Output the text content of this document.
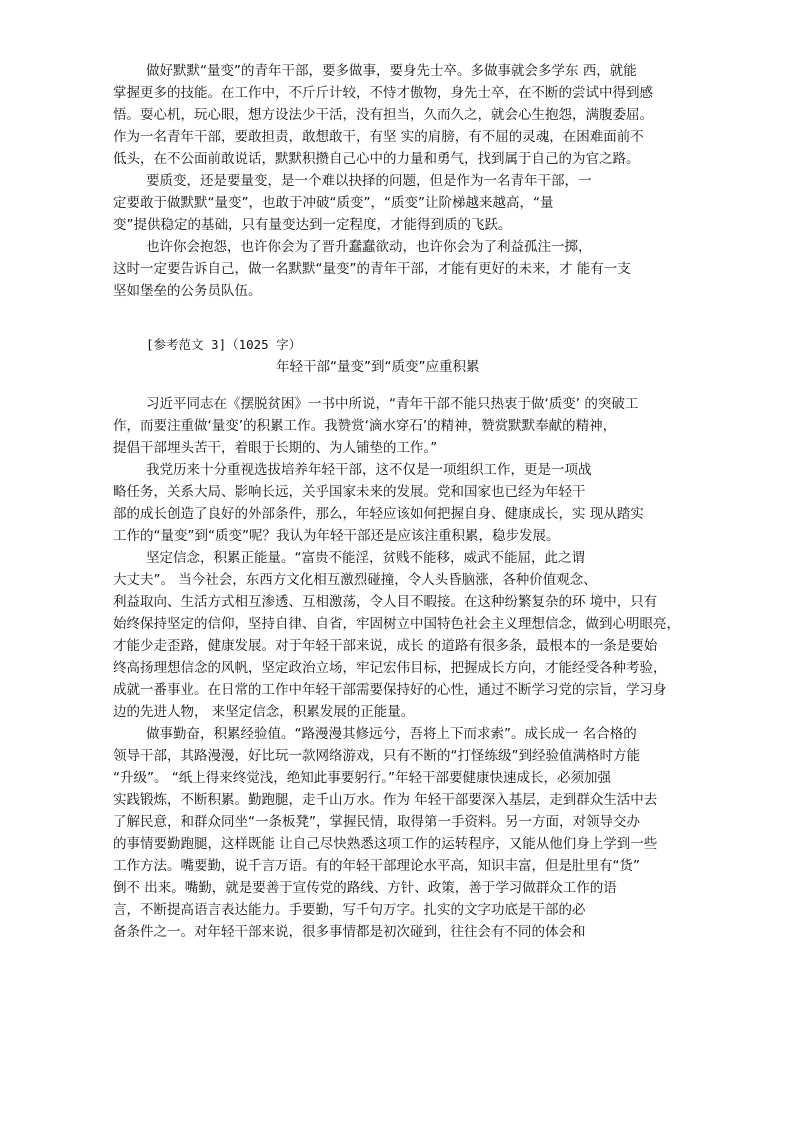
做好默默“量变”的青年干部，要多做事，要身先士卒。多做事就会多学东 西，就能
掌握更多的技能。在工作中，不斤斤计较，不恃才傲物，身先士卒，在不断的尝试中得到感
悟。耍心机，玩心眼，想方设法少干活，没有担当，久而久之，就会心生抱怨，满腹委屈。
作为一名青年干部，要敢担责，敢想敢干，有坚 实的肩膀，有不屈的灵魂，在困难面前不
低头，在不公面前敢说话，默默积攒自己心中的力量和勇气，找到属于自己的为官之路。
要质变，还是要量变，是一个难以抉择的问题，但是作为一名青年干部，一
定要敢于做默默“量变”，也敢于冲破“质变”，“质变”让阶梯越来越高，“量
变”提供稳定的基础，只有量变达到一定程度，才能得到质的飞跃。
也许你会抱怨，也许你会为了晋升蠢蠢欲动，也许你会为了利益孤注一掷，
这时一定要告诉自己，做一名默默“量变”的青年干部，才能有更好的未来，才 能有一支
坚如堡垒的公务员队伍。
[参考范文 3]（1025 字）
年轻干部“量变”到“质变”应重积累
习近平同志在《摆脱贫困》一书中所说，“青年干部不能只热衷于做‘质变’ 的突破工
作，而要注重做‘量变’的积累工作。我赞赏‘滴水穿石’的精神，赞赏默默奉献的精神，
提倡干部埋头苦干，着眼于长期的、为人铺垫的工作。”
我党历来十分重视选拔培养年轻干部，这不仅是一项组织工作，更是一项战
略任务，关系大局、影响长远，关乎国家未来的发展。党和国家也已经为年轻干
部的成长创造了良好的外部条件，那么，年轻应该如何把握自身、健康成长，实 现从踏实
工作的“量变”到“质变”呢？我认为年轻干部还是应该注重积累，稳步发展。
坚定信念，积累正能量。“富贵不能淫，贫贱不能移，威武不能屈，此之谓
大丈夫”。 当今社会，东西方文化相互激烈碰撞，令人头昏脑涨，各种价值观念、
利益取向、生活方式相互渗透、互相激荡，令人目不暇接。在这种纷繁复杂的环 境中，只有
始终保持坚定的信仰，坚持自律、自省，牢固树立中国特色社会主义理想信念，做到心明眼亮，
才能少走歪路，健康发展。对于年轻干部来说，成长 的道路有很多条，最根本的一条是要始
终高扬理想信念的风帆，坚定政治立场，牢记宏伟目标，把握成长方向，才能经受各种考验，
成就一番事业。在日常的工作中年轻干部需要保持好的心性，通过不断学习党的宗旨，学习身
边的先进人物， 来坚定信念，积累发展的正能量。
做事勤奋，积累经验值。“路漫漫其修远兮，吾将上下而求索”。成长成一 名合格的
领导干部，其路漫漫，好比玩一款网络游戏，只有不断的“打怪练级”到经验值满格时方能
“升级”。 “纸上得来终觉浅，绝知此事要躬行。”年轻干部要健康快速成长，必须加强
实践锻炼，不断积累。勤跑腿，走千山万水。作为 年轻干部要深入基层，走到群众生活中去
了解民意，和群众同坐“一条板凳”，掌握民情，取得第一手资料。另一方面，对领导交办
的事情要勤跑腿，这样既能 让自己尽快熟悉这项工作的运转程序，又能从他们身上学到一些
工作方法。嘴要勤，说千言万语。有的年轻干部理论水平高，知识丰富，但是肚里有“货”
倒不 出来。嘴勤，就是要善于宣传党的路线、方针、政策，善于学习做群众工作的语
言，不断提高语言表达能力。手要勤，写千句万字。扎实的文字功底是干部的必
备条件之一。对年轻干部来说，很多事情都是初次碰到，往往会有不同的体会和
